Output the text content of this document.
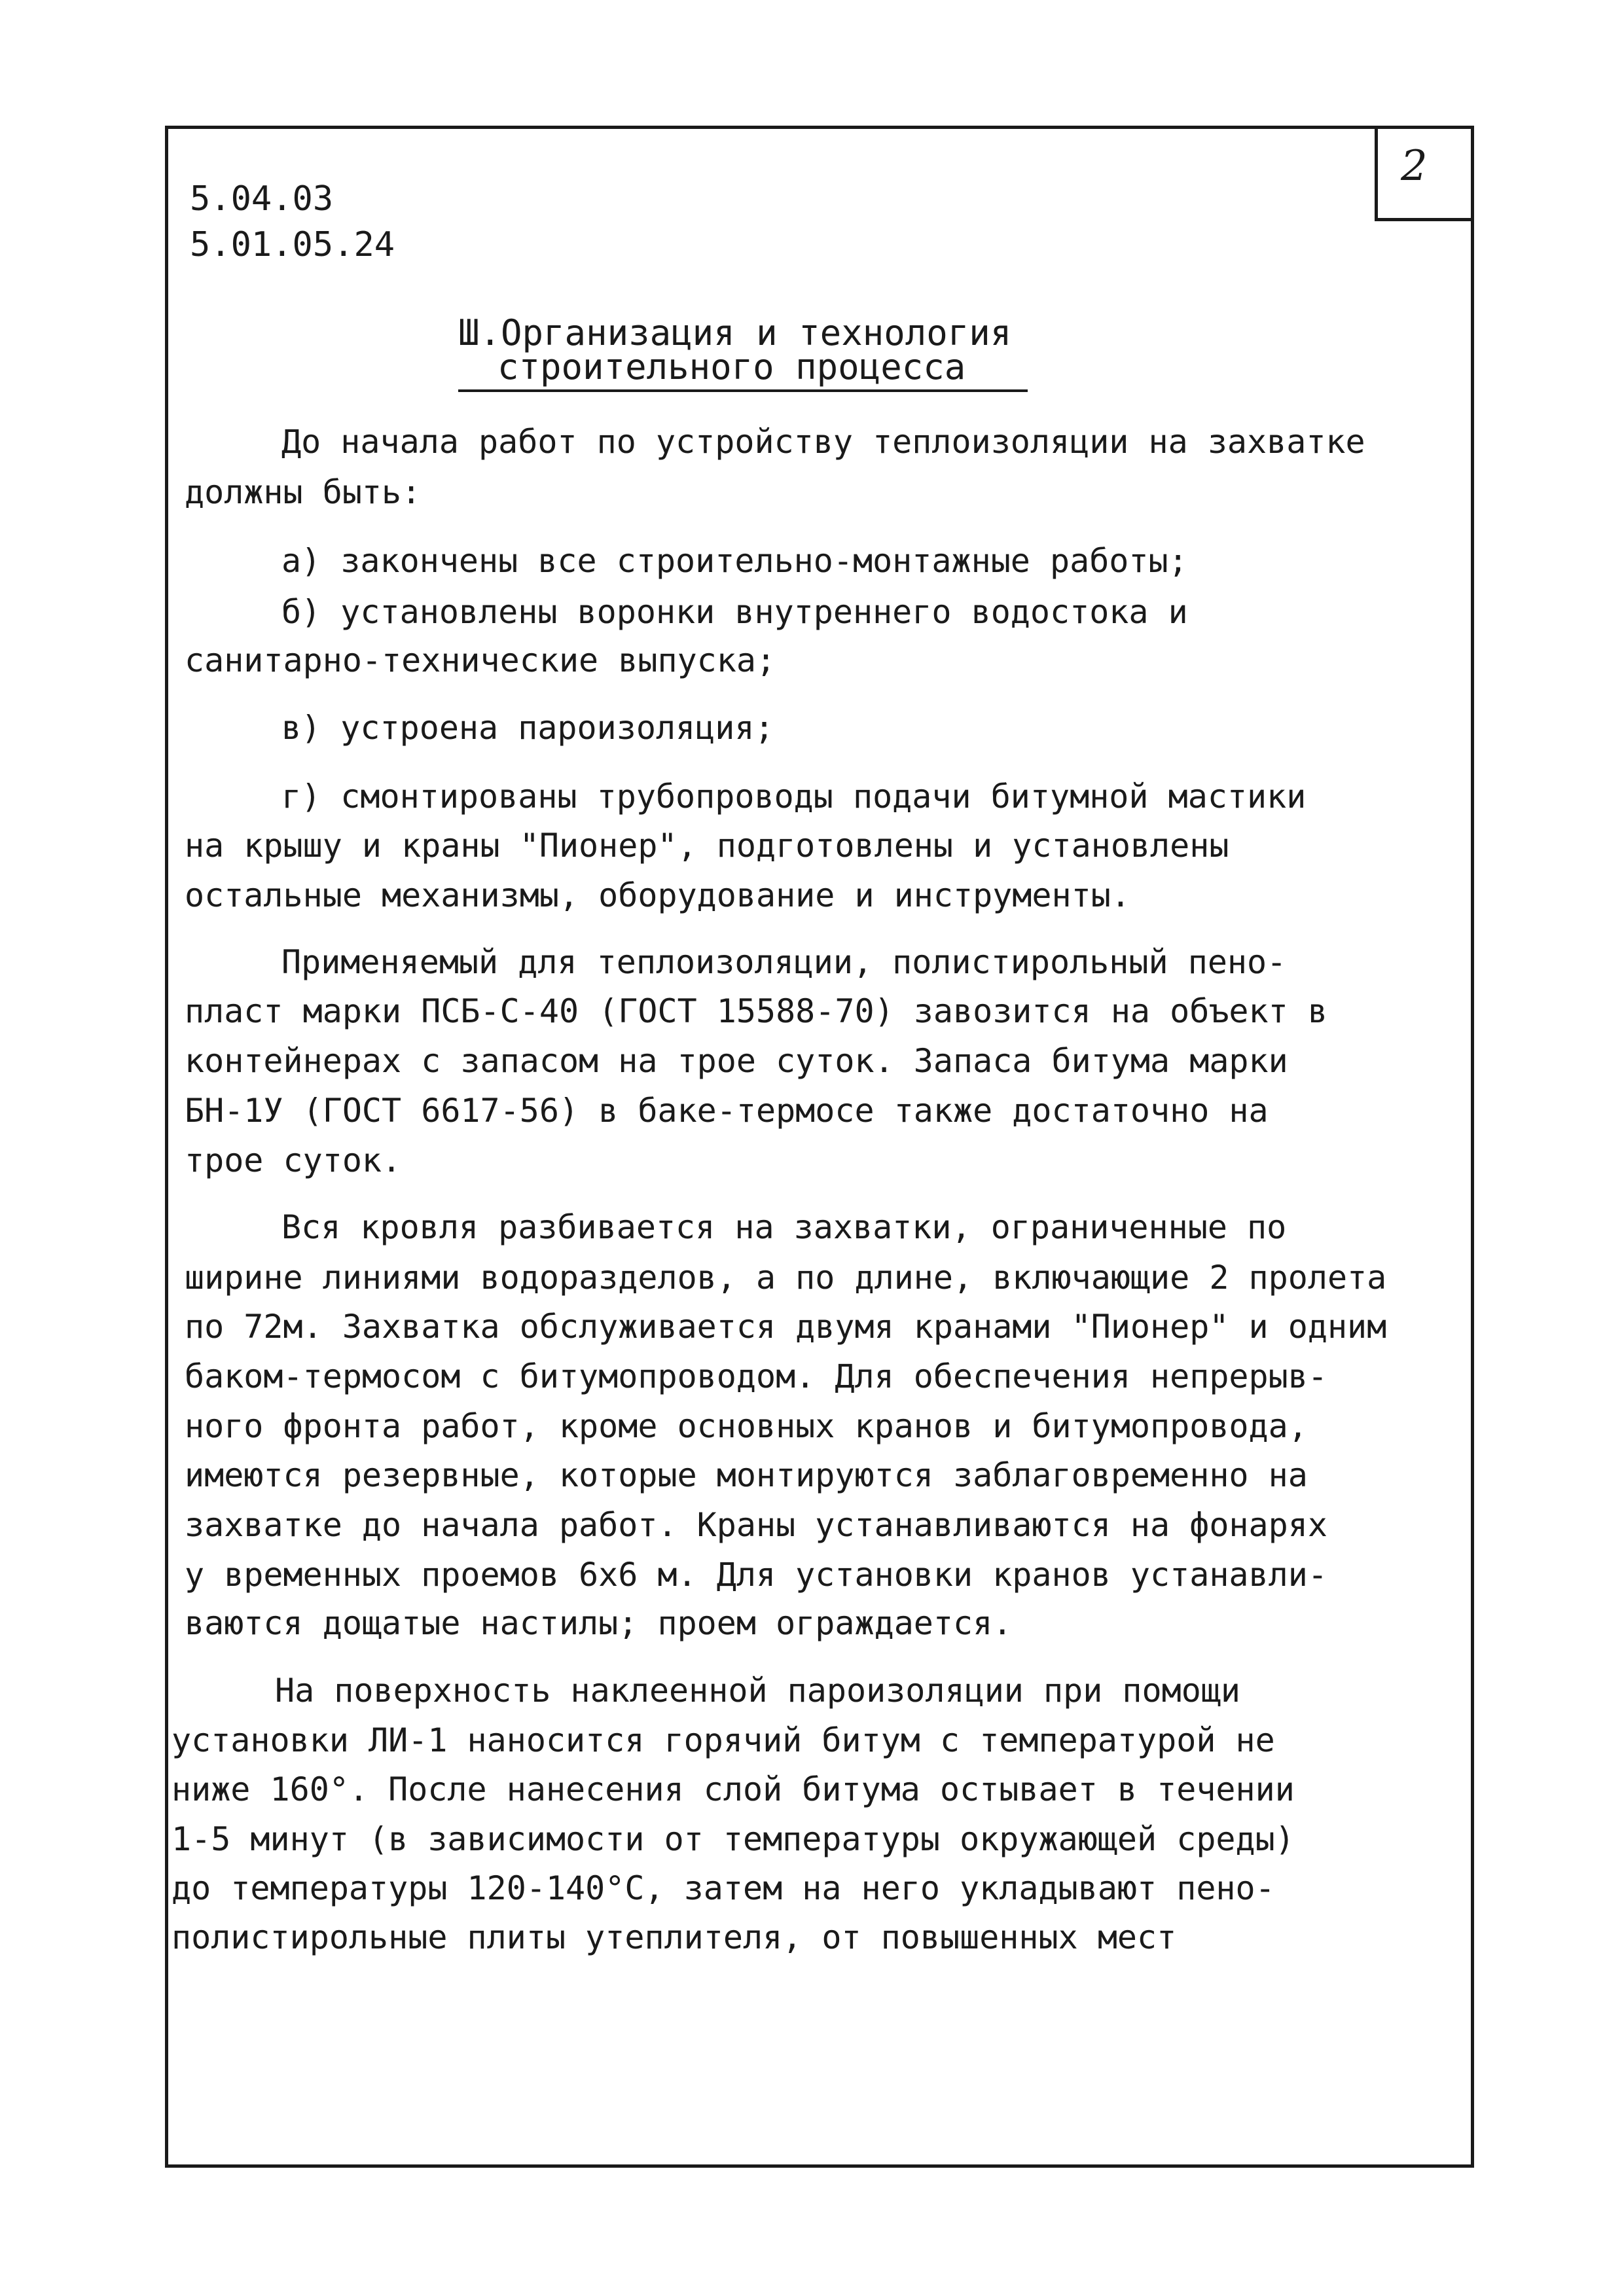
2
5.04.03
5.01.05.24
Ш.Организация и технология
строительного процесса
До начала работ по устройству теплоизоляции на захватке
должны быть:
а) закончены все строительно-монтажные работы;
б) установлены воронки внутреннего водостока и
санитарно-технические выпуска;
в) устроена пароизоляция;
г) смонтированы трубопроводы подачи битумной мастики
на крышу и краны "Пионер", подготовлены и установлены
остальные механизмы, оборудование и инструменты.
Применяемый для теплоизоляции, полистирольный пено-
пласт марки ПСБ-С-40 (ГОСТ 15588-70) завозится на объект в
контейнерах с запасом на трое суток. Запаса битума марки
БН-1У (ГОСТ 6617-56) в баке-термосе также достаточно на
трое суток.
Вся кровля разбивается на захватки, ограниченные по
ширине линиями водоразделов, а по длине, включающие 2 пролета
по 72м. Захватка обслуживается двумя кранами "Пионер" и одним
баком-термосом с битумопроводом. Для обеспечения непрерыв-
ного фронта работ, кроме основных кранов и битумопровода,
имеются резервные, которые монтируются заблаговременно на
захватке до начала работ. Краны устанавливаются на фонарях
у временных проемов 6х6 м. Для установки кранов устанавли-
ваются дощатые настилы; проем ограждается.
На поверхность наклеенной пароизоляции при помощи
установки ЛИ-1 наносится горячий битум с температурой не
ниже 160°. После нанесения слой битума остывает в течении
1-5 минут (в зависимости от температуры окружающей среды)
до температуры 120-140°С, затем на него укладывают пено-
полистирольные плиты утеплителя, от повышенных мест
